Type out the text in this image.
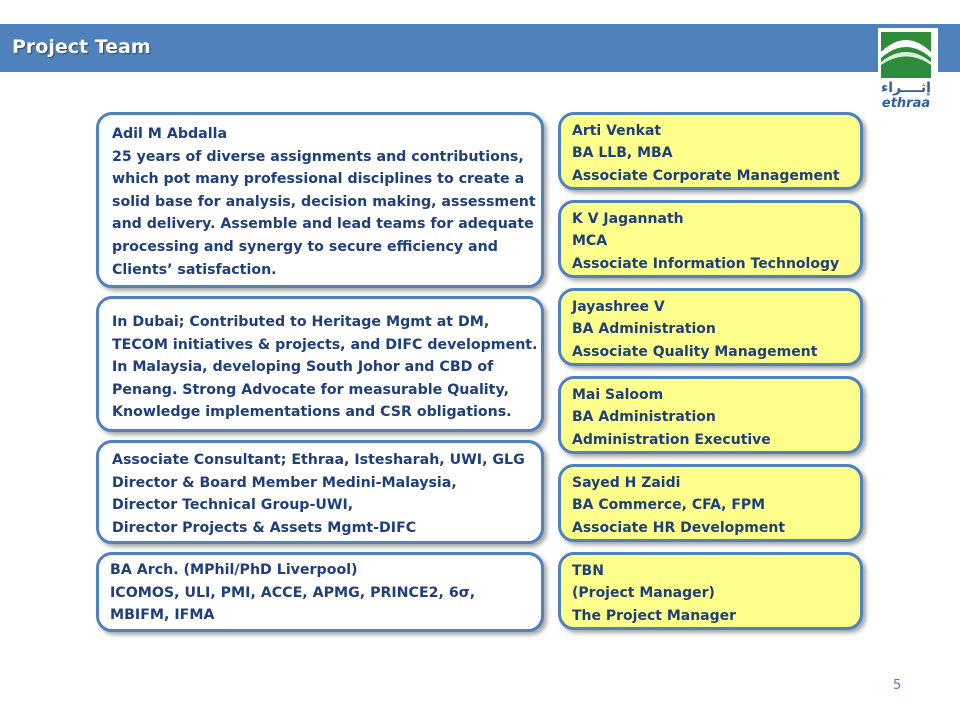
Project Team
إثــــراء
ethraa
Adil M Abdalla
25 years of diverse assignments and contributions,
which pot many professional disciplines to create a
solid base for analysis, decision making, assessment
and delivery. Assemble and lead teams for adequate
processing and synergy to secure efficiency and
Clients’ satisfaction.
In Dubai; Contributed to Heritage Mgmt at DM,
TECOM initiatives & projects, and DIFC development.
In Malaysia, developing South Johor and CBD of
Penang. Strong Advocate for measurable Quality,
Knowledge implementations and CSR obligations.
Associate Consultant; Ethraa, Istesharah, UWI, GLG
Director & Board Member Medini-Malaysia,
Director Technical Group-UWI,
Director Projects & Assets Mgmt-DIFC
BA Arch. (MPhil/PhD Liverpool)
ICOMOS, ULI, PMI, ACCE, APMG, PRINCE2, 6σ,
MBIFM, IFMA
Arti Venkat
BA LLB, MBA
Associate Corporate Management
K V Jagannath
MCA
Associate Information Technology
Jayashree V
BA Administration
Associate Quality Management
Mai Saloom
BA Administration
Administration Executive
Sayed H Zaidi
BA Commerce, CFA, FPM
Associate HR Development
TBN
(Project Manager)
The Project Manager
5
